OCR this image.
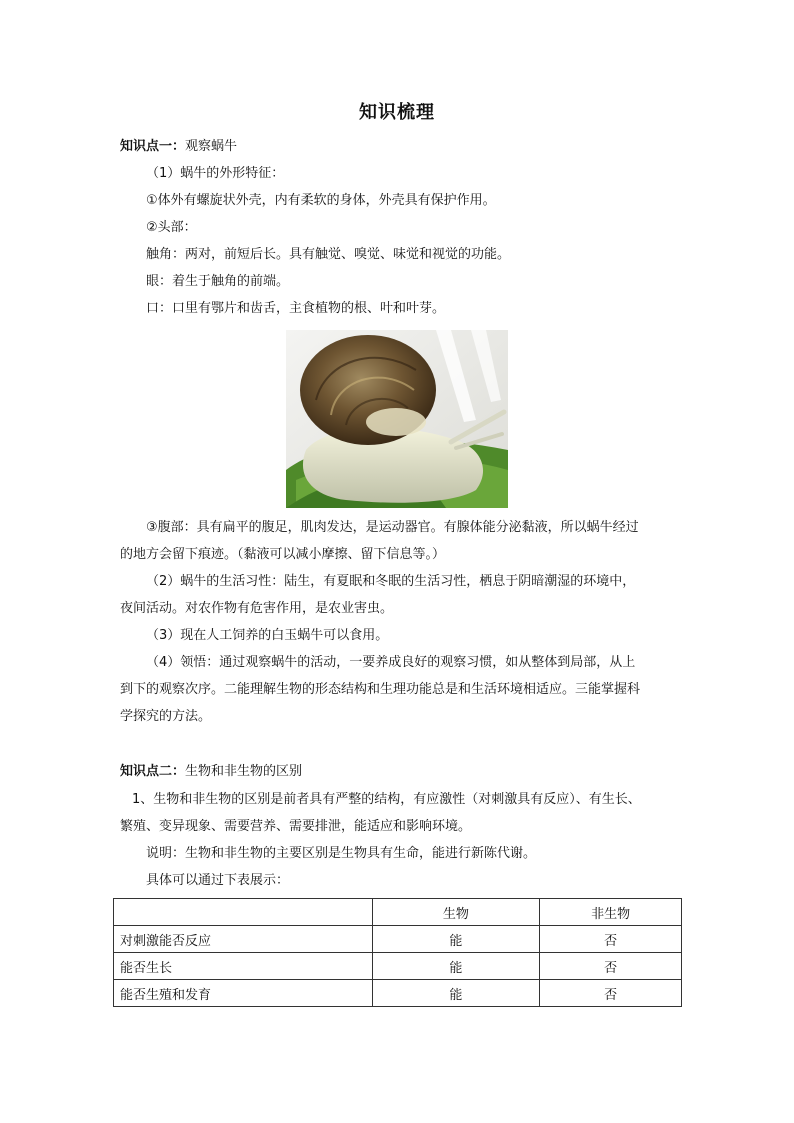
知识梳理
知识点一：观察蜗牛
（1）蜗牛的外形特征：
①体外有螺旋状外壳，内有柔软的身体，外壳具有保护作用。
②头部：
触角：两对，前短后长。具有触觉、嗅觉、味觉和视觉的功能。
眼：着生于触角的前端。
口：口里有鄂片和齿舌，主食植物的根、叶和叶芽。
③腹部：具有扁平的腹足，肌肉发达，是运动器官。有腺体能分泌黏液，所以蜗牛经过
的地方会留下痕迹。（黏液可以减小摩擦、留下信息等。）
（2）蜗牛的生活习性：陆生，有夏眠和冬眠的生活习性，栖息于阴暗潮湿的环境中，
夜间活动。对农作物有危害作用，是农业害虫。
（3）现在人工饲养的白玉蜗牛可以食用。
（4）领悟：通过观察蜗牛的活动，一要养成良好的观察习惯，如从整体到局部，从上
到下的观察次序。二能理解生物的形态结构和生理功能总是和生活环境相适应。三能掌握科
学探究的方法。
知识点二：生物和非生物的区别
1、生物和非生物的区别是前者具有严整的结构，有应激性（对刺激具有反应）、有生长、
繁殖、变异现象、需要营养、需要排泄，能适应和影响环境。
说明：生物和非生物的主要区别是生物具有生命，能进行新陈代谢。
具体可以通过下表展示：
	生物	非生物
对刺激能否反应	能	否
能否生长	能	否
能否生殖和发育	能	否
